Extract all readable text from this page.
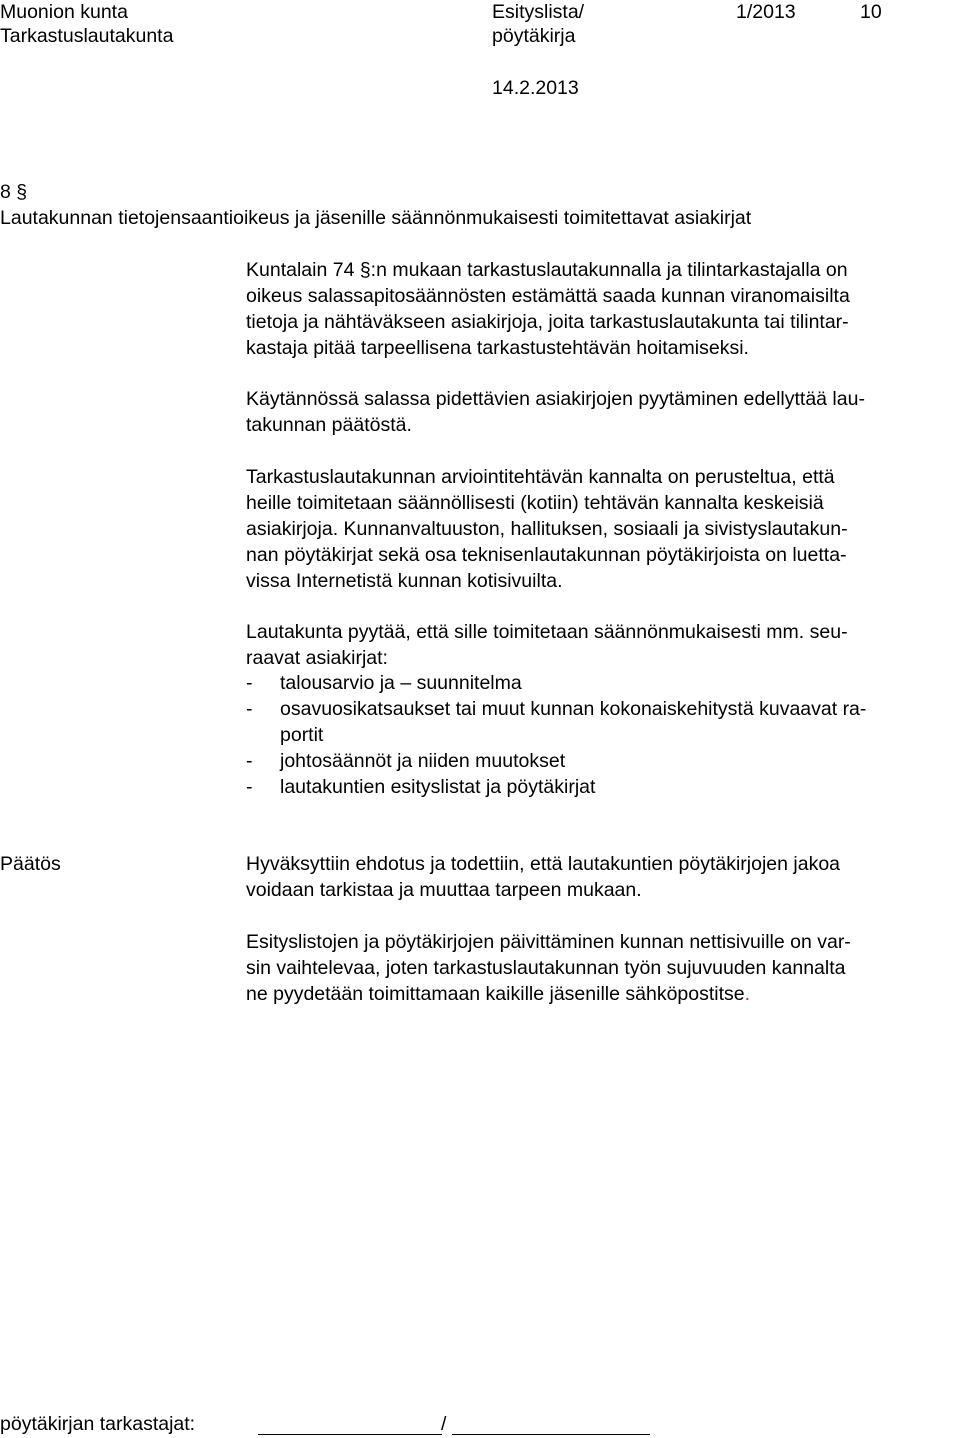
Muonion kunta
Tarkastuslautakunta
Esityslista/
pöytäkirja
1/2013	10
14.2.2013
8 §
Lautakunnan tietojensaantioikeus ja jäsenille säännönmukaisesti toimitettavat asiakirjat
Kuntalain 74 §:n mukaan tarkastuslautakunnalla ja tilintarkastajalla on
oikeus salassapitosäännösten estämättä saada kunnan viranomaisilta
tietoja ja nähtäväkseen asiakirjoja, joita tarkastuslautakunta tai tilintar-
kastaja pitää tarpeellisena tarkastustehtävän hoitamiseksi.
Käytännössä salassa pidettävien asiakirjojen pyytäminen edellyttää lau-
takunnan päätöstä.
Tarkastuslautakunnan arviointitehtävän kannalta on perusteltua, että
heille toimitetaan säännöllisesti (kotiin) tehtävän kannalta keskeisiä
asiakirjoja. Kunnanvaltuuston, hallituksen, sosiaali ja sivistyslautakun-
nan pöytäkirjat sekä osa teknisenlautakunnan pöytäkirjoista on luetta-
vissa Internetistä kunnan kotisivuilta.
Lautakunta pyytää, että sille toimitetaan säännönmukaisesti mm. seu-
raavat asiakirjat:
- talousarvio ja – suunnitelma
- osavuosikatsaukset tai muut kunnan kokonaiskehitystä kuvaavat ra-
portit
- johtosäännöt ja niiden muutokset
- lautakuntien esityslistat ja pöytäkirjat
Päätös	Hyväksyttiin ehdotus ja todettiin, että lautakuntien pöytäkirjojen jakoa
voidaan tarkistaa ja muuttaa tarpeen mukaan.
Esityslistojen ja pöytäkirjojen päivittäminen kunnan nettisivuille on var-
sin vaihtelevaa, joten tarkastuslautakunnan työn sujuvuuden kannalta
ne pyydetään toimittamaan kaikille jäsenille sähköpostitse.
pöytäkirjan tarkastajat:	/
